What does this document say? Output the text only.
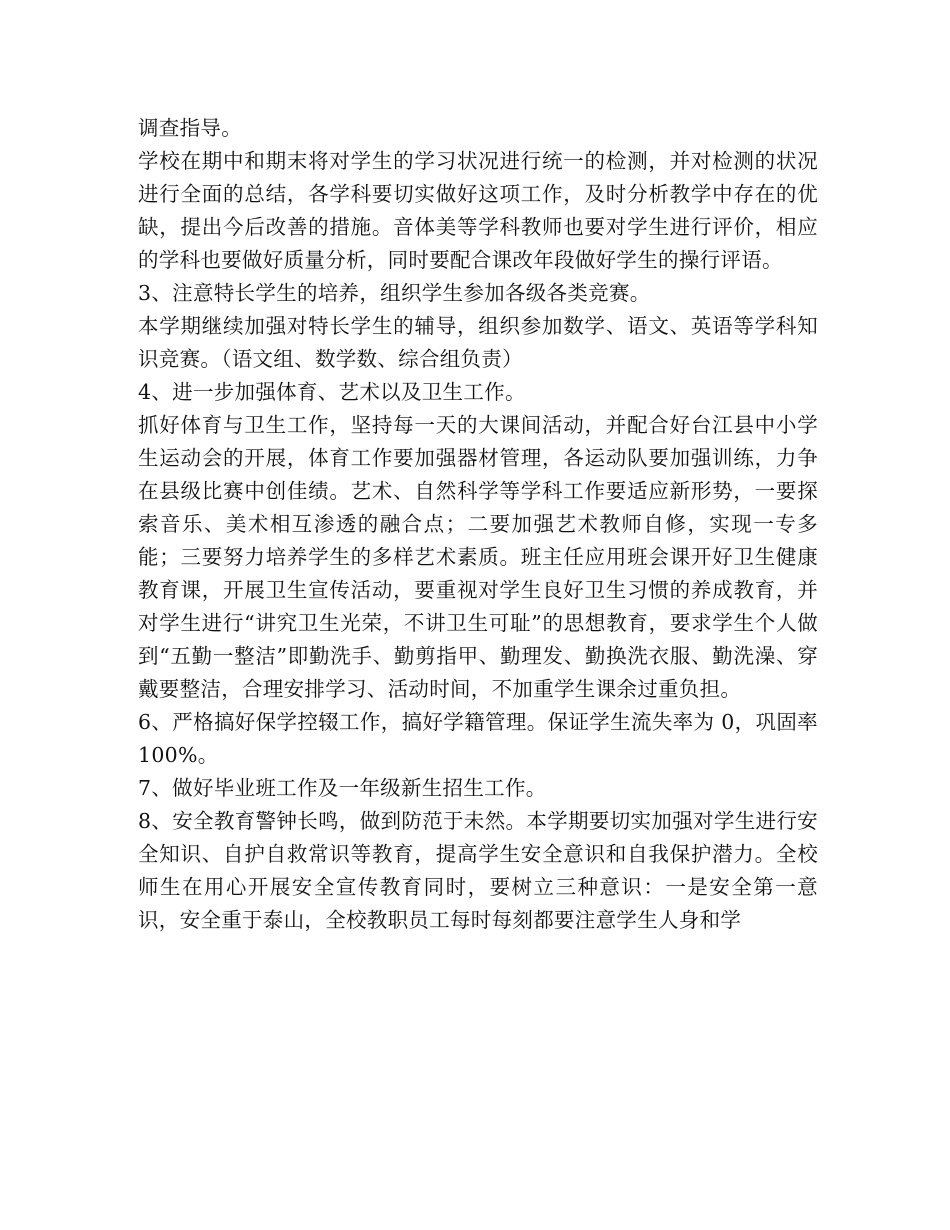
调查指导。

学校在期中和期末将对学生的学习状况进行统一的检测，并对检测的状况进行全面的总结，各学科要切实做好这项工作，及时分析教学中存在的优缺，提出今后改善的措施。音体美等学科教师也要对学生进行评价，相应的学科也要做好质量分析，同时要配合课改年段做好学生的操行评语。

3、注意特长学生的培养，组织学生参加各级各类竞赛。

本学期继续加强对特长学生的辅导，组织参加数学、语文、英语等学科知识竞赛。（语文组、数学数、综合组负责）

4、进一步加强体育、艺术以及卫生工作。

抓好体育与卫生工作，坚持每一天的大课间活动，并配合好台江县中小学生运动会的开展，体育工作要加强器材管理，各运动队要加强训练，力争在县级比赛中创佳绩。艺术、自然科学等学科工作要适应新形势，一要探索音乐、美术相互渗透的融合点；二要加强艺术教师自修，实现一专多能；三要努力培养学生的多样艺术素质。班主任应用班会课开好卫生健康教育课，开展卫生宣传活动，要重视对学生良好卫生习惯的养成教育，并对学生进行“讲究卫生光荣，不讲卫生可耻”的思想教育，要求学生个人做到“五勤一整洁”即勤洗手、勤剪指甲、勤理发、勤换洗衣服、勤洗澡、穿戴要整洁，合理安排学习、活动时间，不加重学生课余过重负担。

6、严格搞好保学控辍工作，搞好学籍管理。保证学生流失率为 0，巩固率 100%。

7、做好毕业班工作及一年级新生招生工作。

8、安全教育警钟长鸣，做到防范于未然。本学期要切实加强对学生进行安全知识、自护自救常识等教育，提高学生安全意识和自我保护潜力。全校师生在用心开展安全宣传教育同时，要树立三种意识：一是安全第一意识，安全重于泰山，全校教职员工每时每刻都要注意学生人身和学
